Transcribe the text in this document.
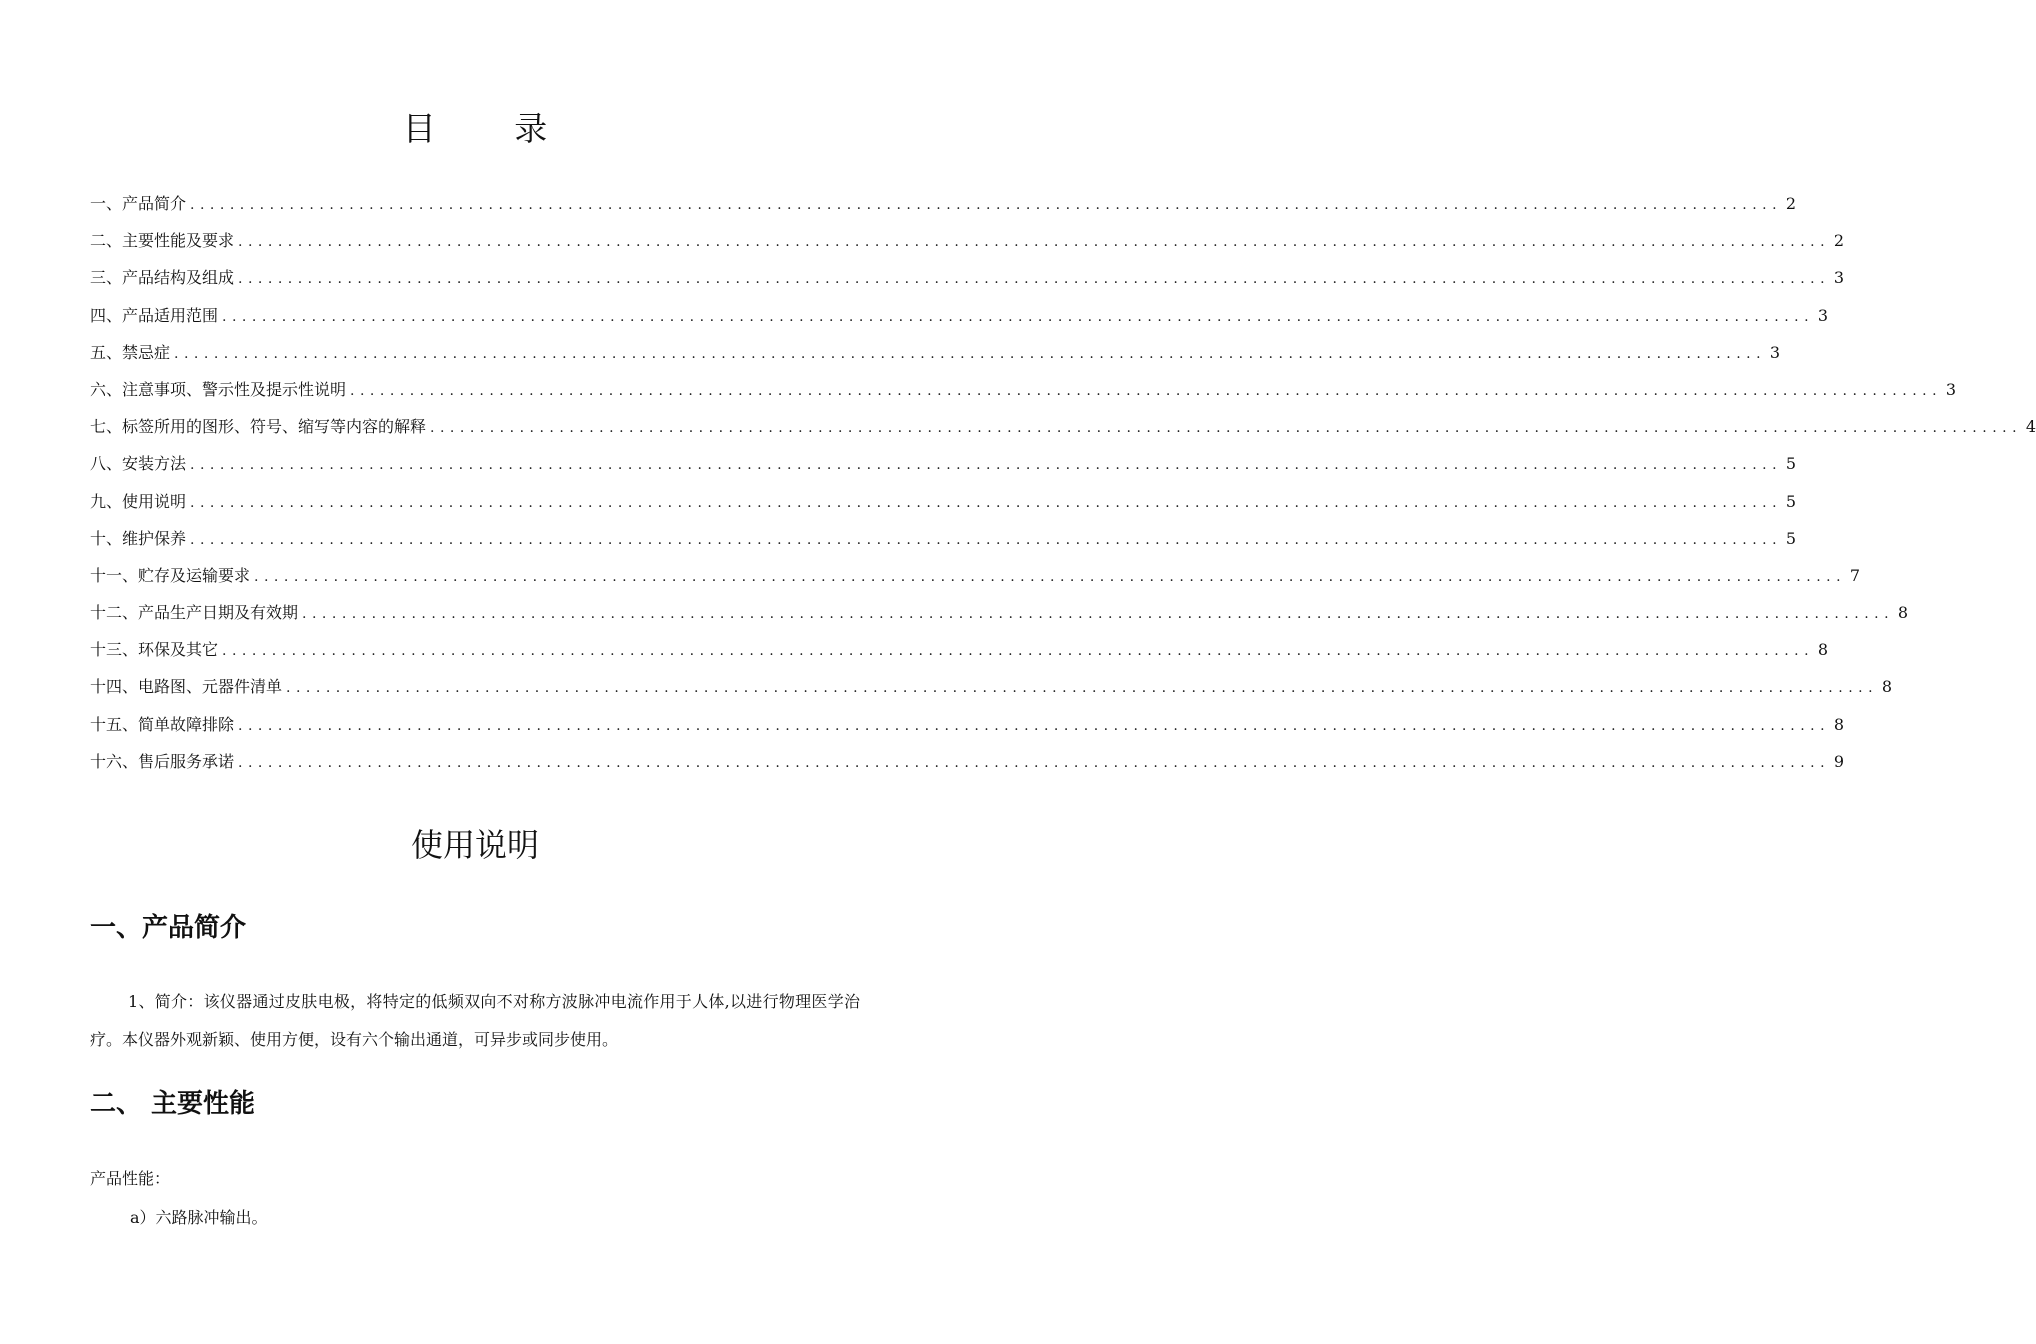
目 录
一、产品简介 ................................................................................................................................................................ 2
二、主要性能及要求 ................................................................................................................................................................ 2
三、产品结构及组成 ................................................................................................................................................................ 3
四、产品适用范围 ................................................................................................................................................................ 3
五、禁忌症 ................................................................................................................................................................ 3
六、注意事项、警示性及提示性说明 ................................................................................................................................................................ 3
七、标签所用的图形、符号、缩写等内容的解释 ................................................................................................................................................................ 4
八、安装方法 ................................................................................................................................................................ 5
九、使用说明 ................................................................................................................................................................ 5
十、维护保养 ................................................................................................................................................................ 5
十一、贮存及运输要求 ................................................................................................................................................................ 7
十二、产品生产日期及有效期 ................................................................................................................................................................ 8
十三、环保及其它 ................................................................................................................................................................ 8
十四、电路图、元器件清单 ................................................................................................................................................................ 8
十五、简单故障排除 ................................................................................................................................................................ 8
十六、售后服务承诺 ................................................................................................................................................................ 9
使用说明
一、产品简介

1、简介：该仪器通过皮肤电极，将特定的低频双向不对称方波脉冲电流作用于人体,以进行物理医学治疗。本仪器外观新颖、使用方便，设有六个输出通道，可异步或同步使用。

二、 主要性能

产品性能：

a）六路脉冲输出。
